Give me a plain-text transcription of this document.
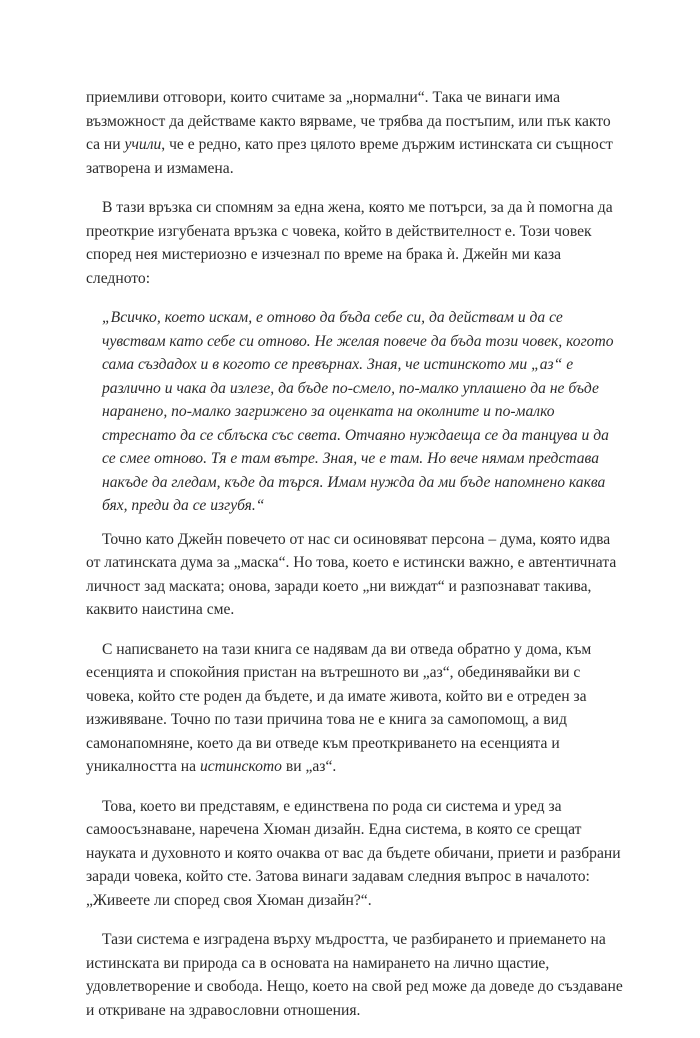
приемливи отговори, които считаме за „нормални“. Така че винаги има възможност да действаме както вярваме, че трябва да постъпим, или пък както са ни учили, че е редно, като през цялото време държим истинската си същност затворена и измамена.

В тази връзка си спомням за една жена, която ме потърси, за да ѝ помогна да преоткрие изгубената връзка с човека, който в действителност е. Този човек според нея мистериозно е изчезнал по време на брака ѝ. Джейн ми каза следното:

„Всичко, което искам, е отново да бъда себе си, да действам и да се чувствам като себе си отново. Не желая повече да бъда този човек, когото сама създадох и в когото се превърнах. Зная, че истинското ми „аз“ е различно и чака да излезе, да бъде по-смело, по-малко уплашено да не бъде наранено, по-малко загрижено за оценката на околните и по-малко стреснато да се сблъска със света. Отчаяно нуждаеща се да танцува и да се смее отново. Тя е там вътре. Зная, че е там. Но вече нямам представа накъде да гледам, къде да търся. Имам нужда да ми бъде напомнено каква бях, преди да се изгубя.“

Точно като Джейн повечето от нас си осиновяват персона – дума, която идва от латинската дума за „маска“. Но това, което е истински важно, е автентичната личност зад маската; онова, заради което „ни виждат“ и разпознават такива, каквито наистина сме.

С написването на тази книга се надявам да ви отведа обратно у дома, към есенцията и спокойния пристан на вътрешното ви „аз“, обединявайки ви с човека, който сте роден да бъдете, и да имате живота, който ви е отреден за изживяване. Точно по тази причина това не е книга за самопомощ, а вид самонапомняне, което да ви отведе към преоткриването на есенцията и уникалността на истинското ви „аз“.

Това, което ви представям, е единствена по рода си система и уред за самоосъзнаване, наречена Хюман дизайн. Една система, в която се срещат науката и духовното и която очаква от вас да бъдете обичани, приети и разбрани заради човека, който сте. Затова винаги задавам следния въпрос в началото: „Живеете ли според своя Хюман дизайн?“.

Тази система е изградена върху мъдростта, че разбирането и приемането на истинската ви природа са в основата на намирането на лично щастие, удовлетворение и свобода. Нещо, което на свой ред може да доведе до създаване и откриване на здравословни отношения.
